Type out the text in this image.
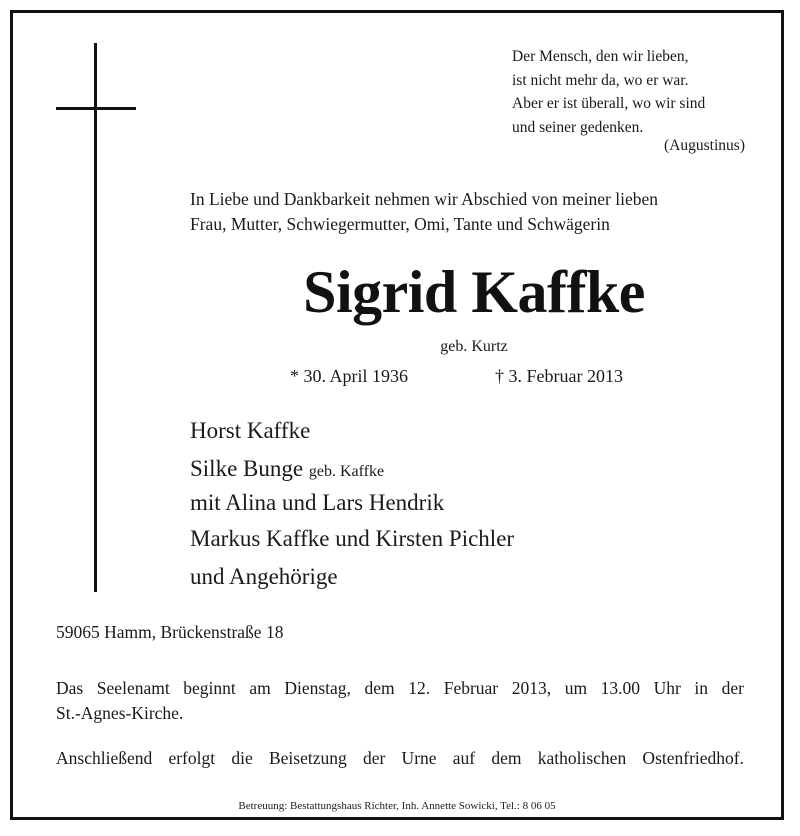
Der Mensch, den wir lieben,
ist nicht mehr da, wo er war.
Aber er ist überall, wo wir sind
und seiner gedenken.
(Augustinus)
In Liebe und Dankbarkeit nehmen wir Abschied von meiner lieben
Frau, Mutter, Schwiegermutter, Omi, Tante und Schwägerin
Sigrid Kaffke
geb. Kurtz
* 30. April 1936	† 3. Februar 2013
Horst Kaffke
Silke Bunge geb. Kaffke
mit Alina und Lars Hendrik
Markus Kaffke und Kirsten Pichler
und Angehörige
59065 Hamm, Brückenstraße 18
Das Seelenamt beginnt am Dienstag, dem 12. Februar 2013, um 13.00 Uhr in der
St.-Agnes-Kirche.
Anschließend erfolgt die Beisetzung der Urne auf dem katholischen Ostenfriedhof.
Betreuung: Bestattungshaus Richter, Inh. Annette Sowicki, Tel.: 8 06 05
